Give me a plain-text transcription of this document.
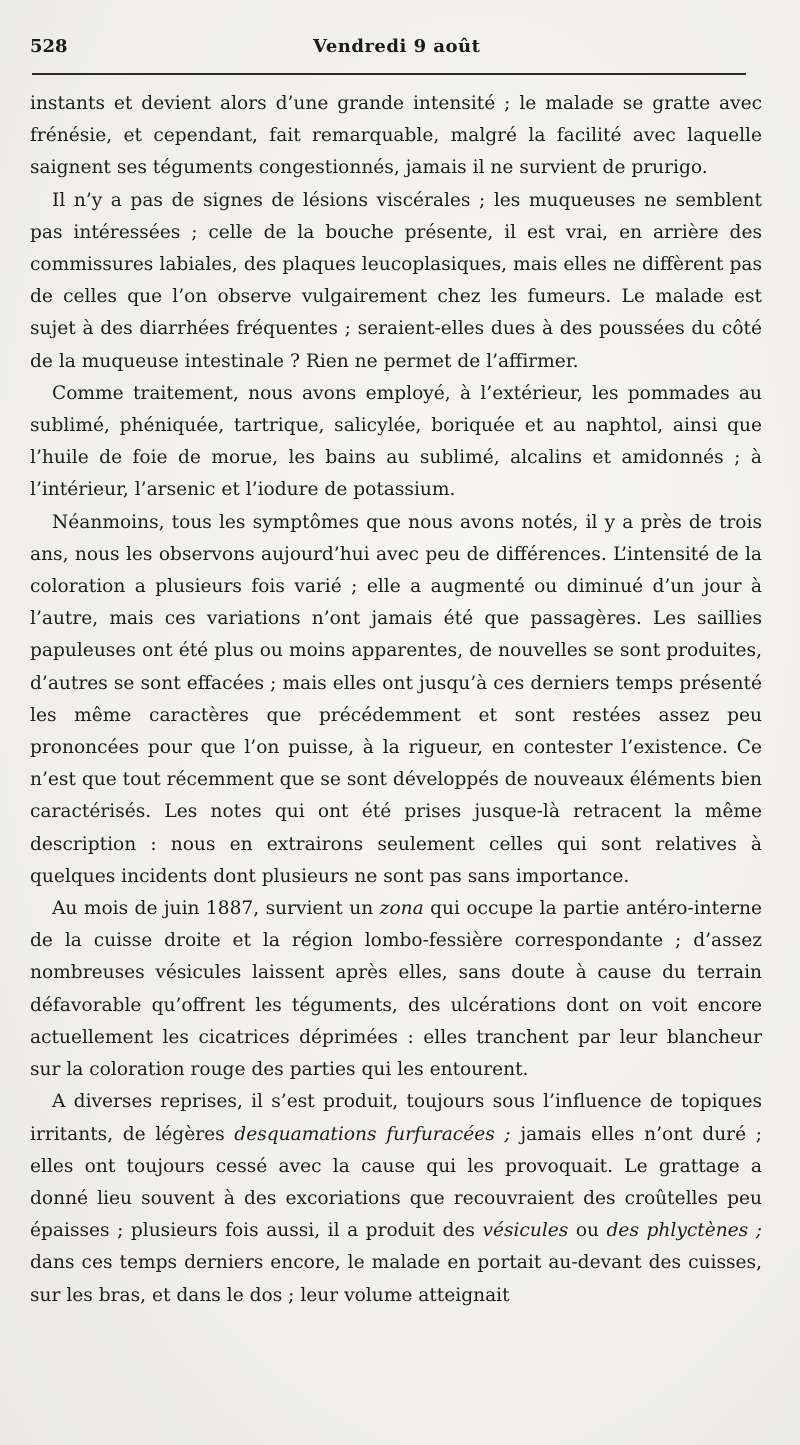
528	Vendredi 9 août

instants et devient alors d’une grande intensité ; le malade se gratte avec frénésie, et cependant, fait remarquable, malgré la facilité avec laquelle saignent ses téguments congestionnés, jamais il ne survient de prurigo.

Il n’y a pas de signes de lésions viscérales ; les muqueuses ne semblent pas intéressées ; celle de la bouche présente, il est vrai, en arrière des commissures labiales, des plaques leucoplasiques, mais elles ne diffèrent pas de celles que l’on observe vulgairement chez les fumeurs. Le malade est sujet à des diarrhées fréquentes ; seraient-elles dues à des poussées du côté de la muqueuse intestinale ? Rien ne permet de l’affirmer.

Comme traitement, nous avons employé, à l’extérieur, les pommades au sublimé, phéniquée, tartrique, salicylée, boriquée et au naphtol, ainsi que l’huile de foie de morue, les bains au sublimé, alcalins et amidonnés ; à l’intérieur, l’arsenic et l’iodure de potassium.

Néanmoins, tous les symptômes que nous avons notés, il y a près de trois ans, nous les observons aujourd’hui avec peu de différences. L’intensité de la coloration a plusieurs fois varié ; elle a augmenté ou diminué d’un jour à l’autre, mais ces variations n’ont jamais été que passagères. Les saillies papuleuses ont été plus ou moins apparentes, de nouvelles se sont produites, d’autres se sont effacées ; mais elles ont jusqu’à ces derniers temps présenté les même caractères que précédemment et sont restées assez peu prononcées pour que l’on puisse, à la rigueur, en contester l’existence. Ce n’est que tout récemment que se sont développés de nouveaux éléments bien caractérisés. Les notes qui ont été prises jusque-là retracent la même description : nous en extrairons seulement celles qui sont relatives à quelques incidents dont plusieurs ne sont pas sans importance.

Au mois de juin 1887, survient un zona qui occupe la partie antéro-interne de la cuisse droite et la région lombo-fessière correspondante ; d’assez nombreuses vésicules laissent après elles, sans doute à cause du terrain défavorable qu’offrent les téguments, des ulcérations dont on voit encore actuellement les cicatrices déprimées : elles tranchent par leur blancheur sur la coloration rouge des parties qui les entourent.

A diverses reprises, il s’est produit, toujours sous l’influence de topiques irritants, de légères desquamations furfuracées ; jamais elles n’ont duré ; elles ont toujours cessé avec la cause qui les provoquait. Le grattage a donné lieu souvent à des excoriations que recouvraient des croûtelles peu épaisses ; plusieurs fois aussi, il a produit des vésicules ou des phlyctènes ; dans ces temps derniers encore, le malade en portait au-devant des cuisses, sur les bras, et dans le dos ; leur volume atteignait
